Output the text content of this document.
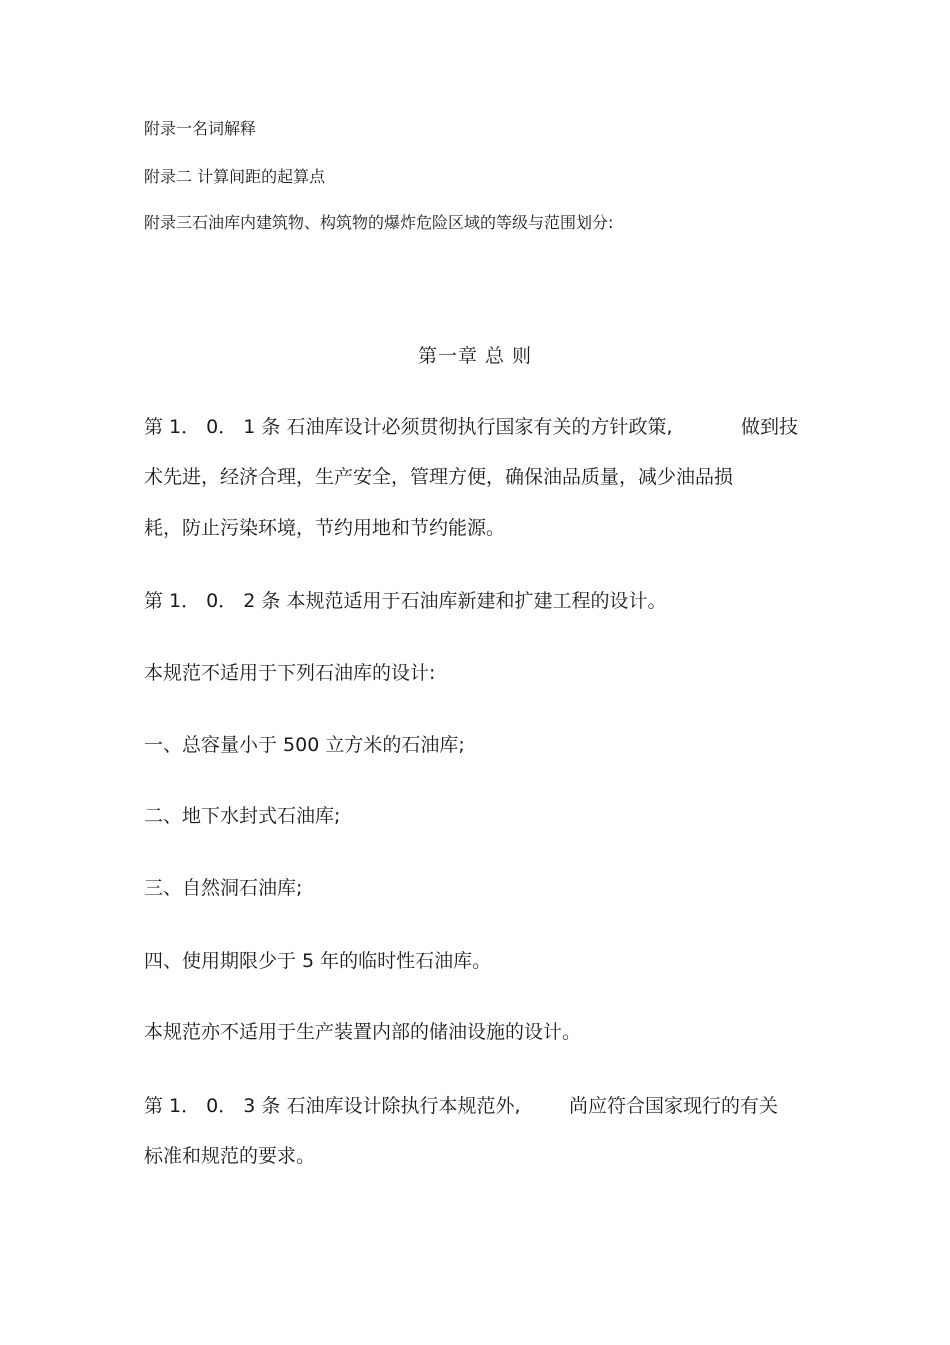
附录一名词解释
附录二 计算间距的起算点
附录三石油库内建筑物、构筑物的爆炸危险区域的等级与范围划分:
第一章 总 则
第 1． 0． 1 条 石油库设计必须贯彻执行国家有关的方针政策,	做到技
术先进，经济合理，生产安全，管理方便，确保油品质量，减少油品损
耗，防止污染环境，节约用地和节约能源。
第 1． 0． 2 条 本规范适用于石油库新建和扩建工程的设计。
本规范不适用于下列石油库的设计:
一、总容量小于 500 立方米的石油库;
二、地下水封式石油库;
三、自然洞石油库;
四、使用期限少于 5 年的临时性石油库。
本规范亦不适用于生产装置内部的储油设施的设计。
第 1． 0． 3 条 石油库设计除执行本规范外,	尚应符合国家现行的有关
标准和规范的要求。
